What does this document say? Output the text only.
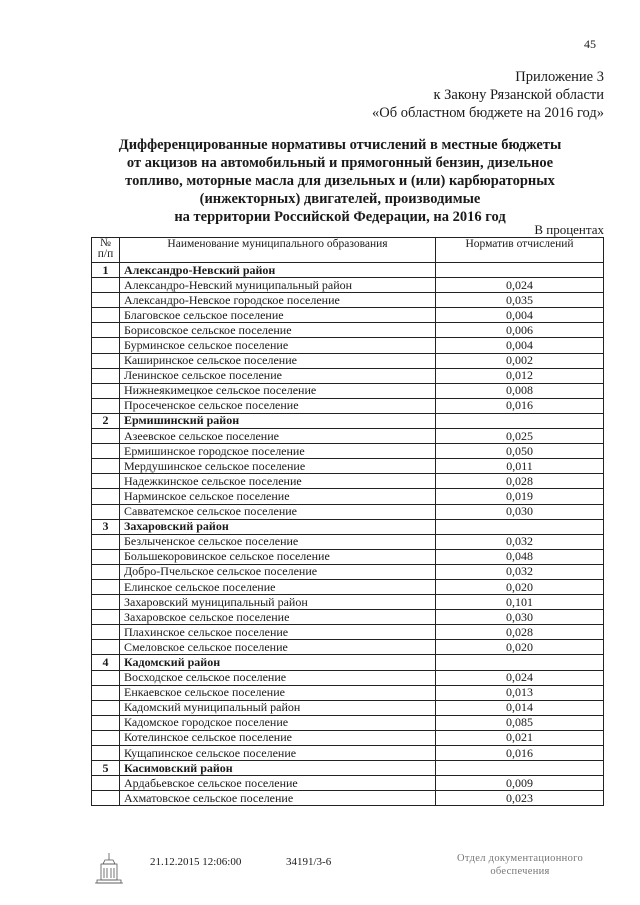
45
Приложение 3
к Закону Рязанской области
«Об областном бюджете на 2016 год»
Дифференцированные нормативы отчислений в местные бюджеты
от акцизов на автомобильный и прямогонный бензин, дизельное
топливо, моторные масла для дизельных и (или) карбюраторных
(инжекторных) двигателей, производимые
на территории Российской Федерации, на 2016 год
В процентах
№
п/п	Наименование муниципального образования	Норматив отчислений
1	Александро-Невский район	
	Александро-Невский муниципальный район	0,024
	Александро-Невское городское поселение	0,035
	Благовское сельское поселение	0,004
	Борисовское сельское поселение	0,006
	Бурминское сельское поселение	0,004
	Каширинское сельское поселение	0,002
	Ленинское сельское поселение	0,012
	Нижнеякимецкое сельское поселение	0,008
	Просеченское сельское поселение	0,016
2	Ермишинский район	
	Азеевское сельское поселение	0,025
	Ермишинское городское поселение	0,050
	Мердушинское сельское поселение	0,011
	Надежкинское сельское поселение	0,028
	Нарминское сельское поселение	0,019
	Савватемское сельское поселение	0,030
3	Захаровский район	
	Безлыченское сельское поселение	0,032
	Большекоровинское сельское поселение	0,048
	Добро-Пчельское сельское поселение	0,032
	Елинское сельское поселение	0,020
	Захаровский муниципальный район	0,101
	Захаровское сельское поселение	0,030
	Плахинское сельское поселение	0,028
	Смеловское сельское поселение	0,020
4	Кадомский район	
	Восходское сельское поселение	0,024
	Енкаевское сельское поселение	0,013
	Кадомский муниципальный район	0,014
	Кадомское городское поселение	0,085
	Котелинское сельское поселение	0,021
	Кущапинское сельское поселение	0,016
5	Касимовский район	
	Ардабьевское сельское поселение	0,009
	Ахматовское сельское поселение	0,023
21.12.2015 12:06:00	34191/3-6	Отдел документационного
обеспечения
